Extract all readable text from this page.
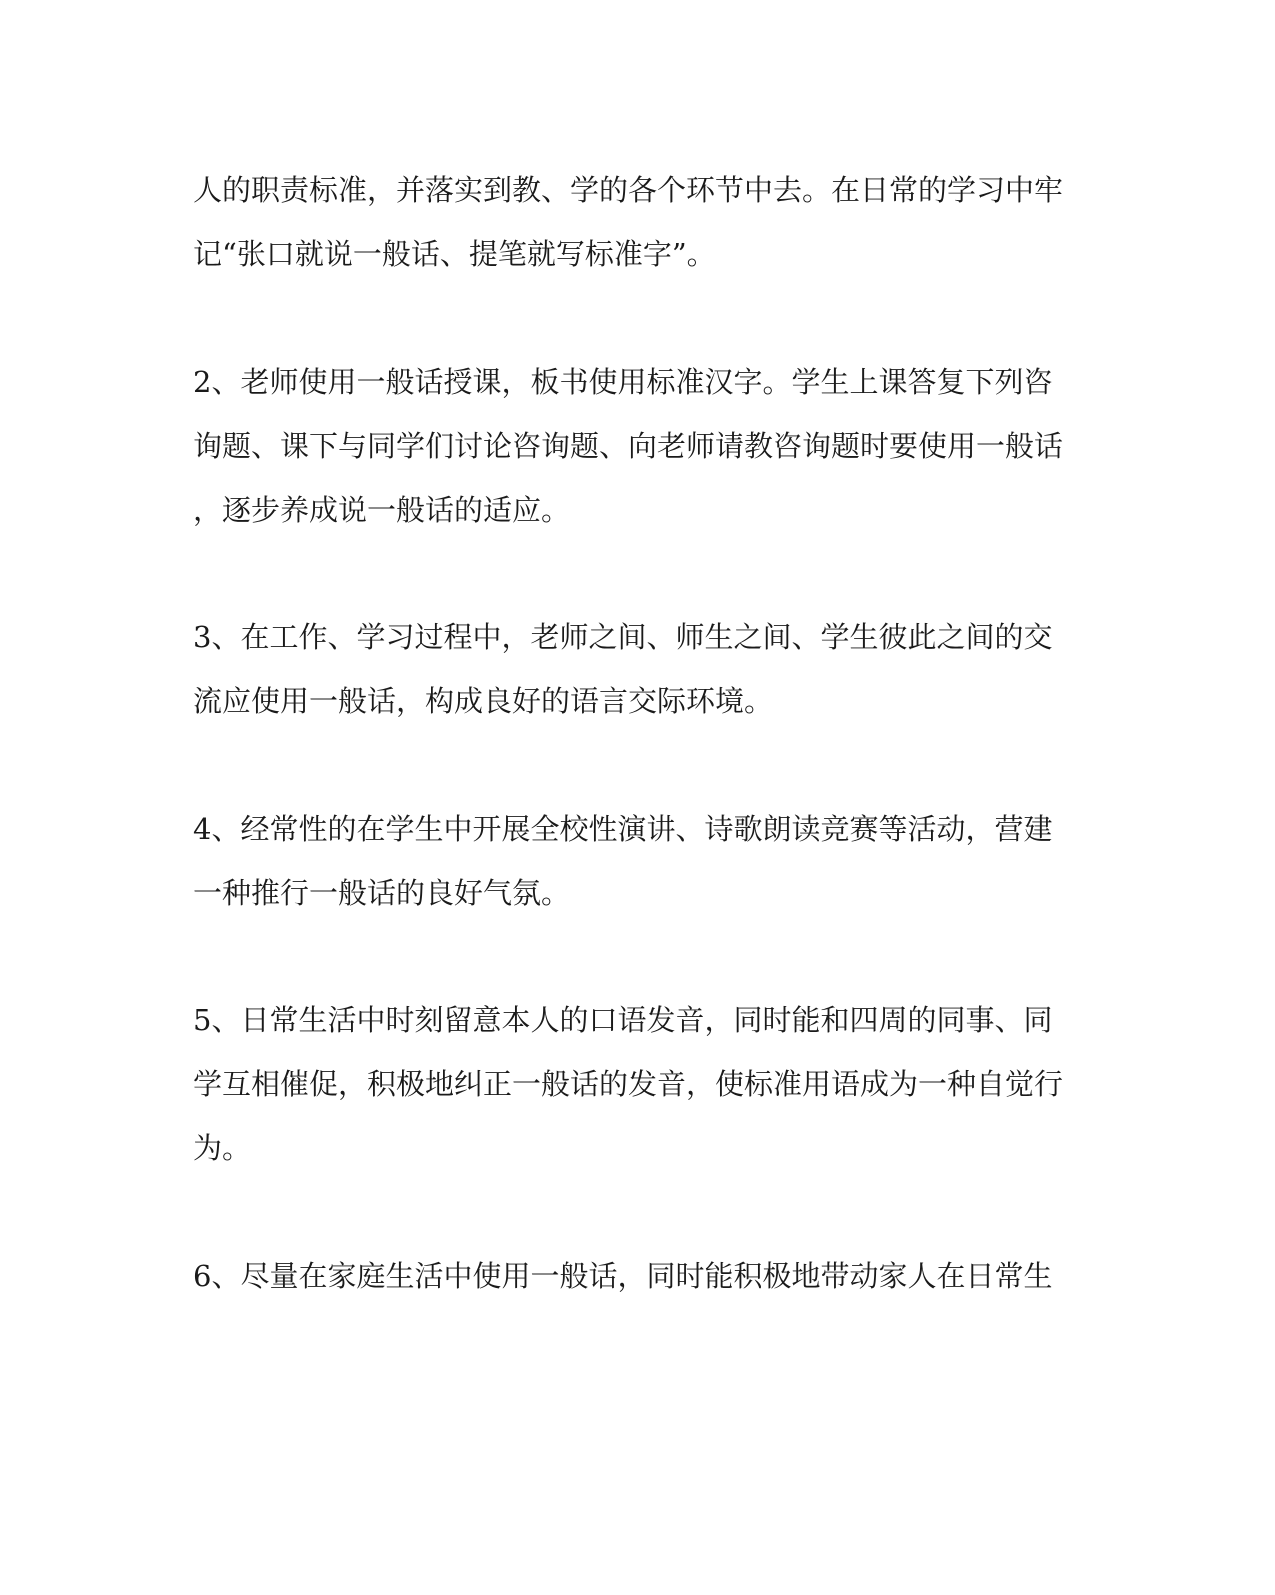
人的职责标准，并落实到教、学的各个环节中去。在日常的学习中牢
记“张口就说一般话、提笔就写标准字”。
2、老师使用一般话授课，板书使用标准汉字。学生上课答复下列咨
询题、课下与同学们讨论咨询题、向老师请教咨询题时要使用一般话
，逐步养成说一般话的适应。
3、在工作、学习过程中，老师之间、师生之间、学生彼此之间的交
流应使用一般话，构成良好的语言交际环境。
4、经常性的在学生中开展全校性演讲、诗歌朗读竞赛等活动，营建
一种推行一般话的良好气氛。
5、日常生活中时刻留意本人的口语发音，同时能和四周的同事、同
学互相催促，积极地纠正一般话的发音，使标准用语成为一种自觉行
为。
6、尽量在家庭生活中使用一般话，同时能积极地带动家人在日常生
